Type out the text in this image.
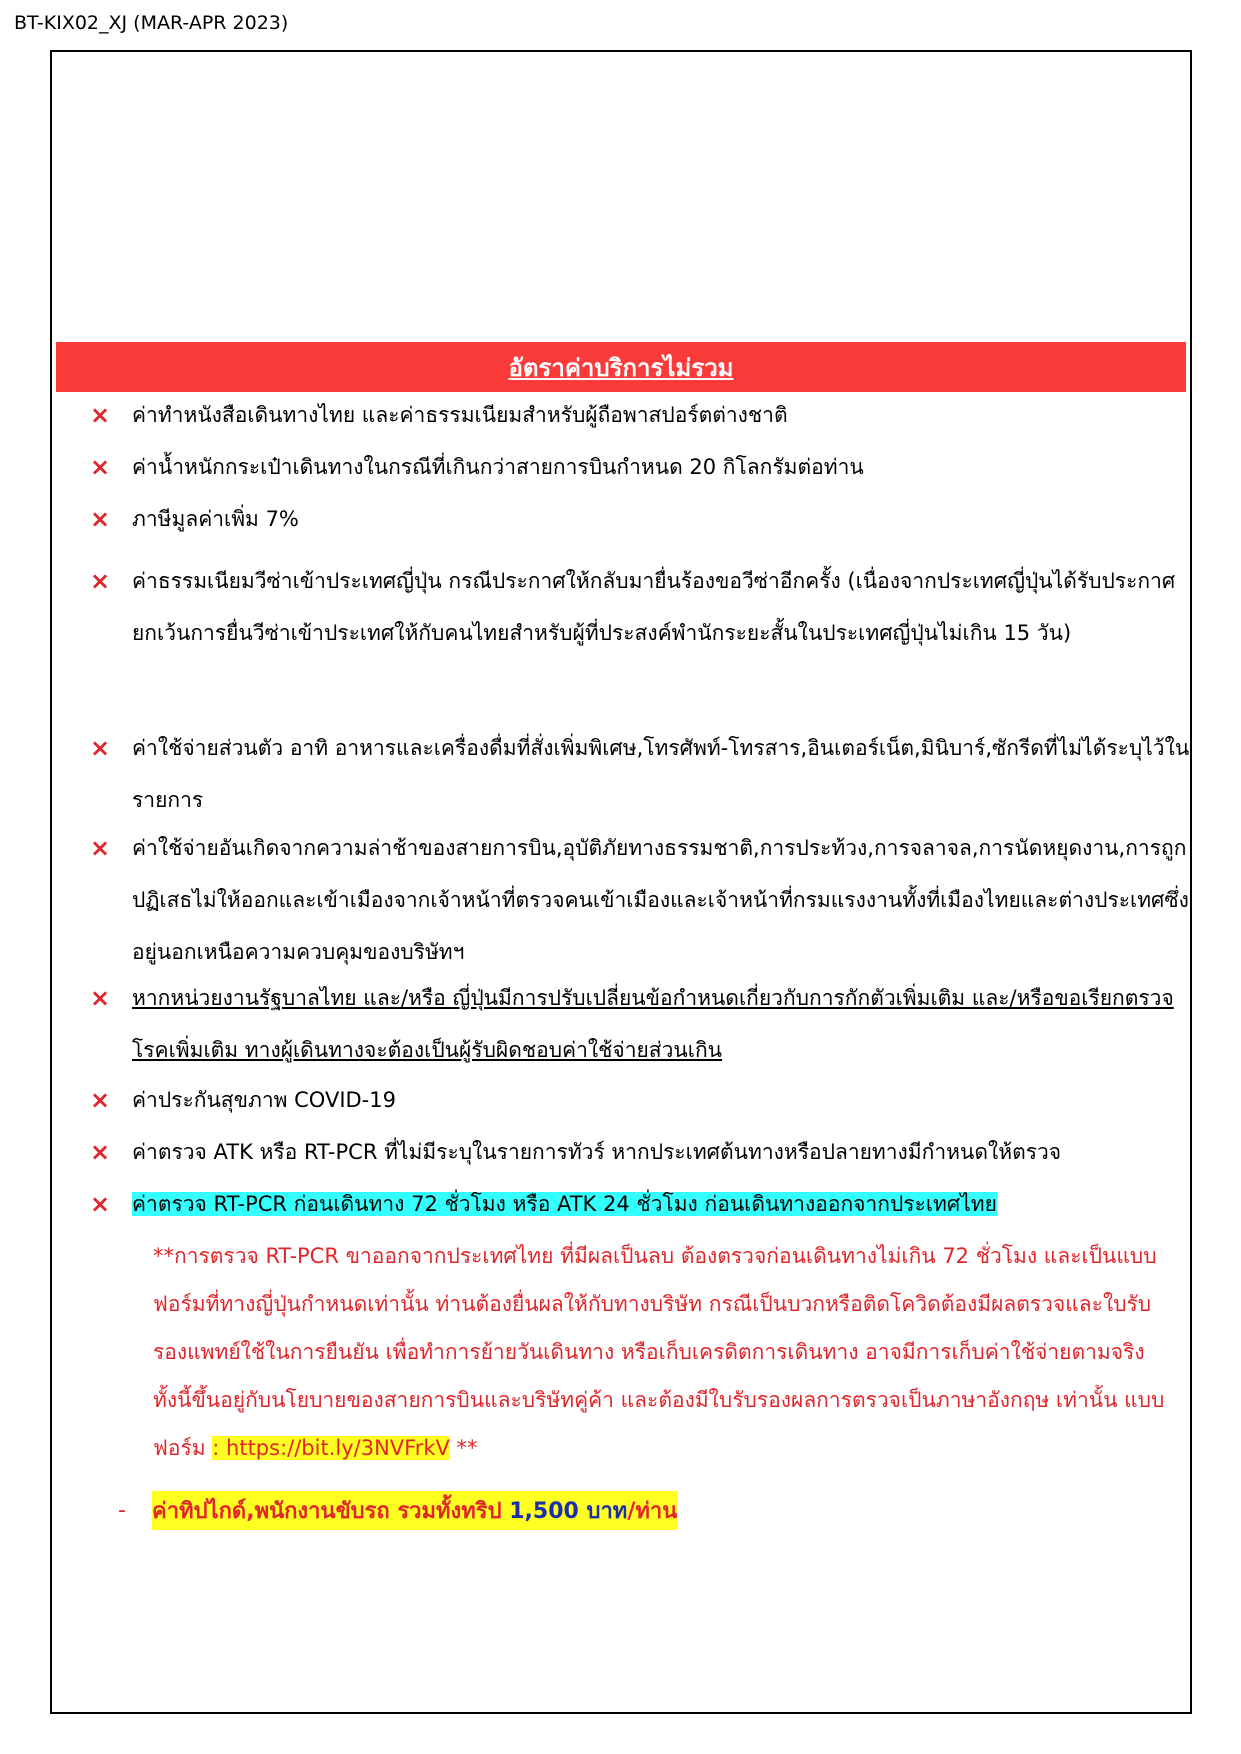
BT-KIX02_XJ (MAR-APR 2023)
อัตราค่าบริการไม่รวม
×	ค่าทำหนังสือเดินทางไทย และค่าธรรมเนียมสำหรับผู้ถือพาสปอร์ตต่างชาติ
×	ค่าน้ำหนักกระเป๋าเดินทางในกรณีที่เกินกว่าสายการบินกำหนด 20 กิโลกรัมต่อท่าน
×	ภาษีมูลค่าเพิ่ม 7%
×	ค่าธรรมเนียมวีซ่าเข้าประเทศญี่ปุ่น กรณีประกาศให้กลับมายื่นร้องขอวีซ่าอีกครั้ง (เนื่องจากประเทศญี่ปุ่นได้รับประกาศยกเว้นการยื่นวีซ่าเข้าประเทศให้กับคนไทยสำหรับผู้ที่ประสงค์พำนักระยะสั้นในประเทศญี่ปุ่นไม่เกิน 15 วัน)
×	ค่าใช้จ่ายส่วนตัว อาทิ อาหารและเครื่องดื่มที่สั่งเพิ่มพิเศษ,โทรศัพท์-โทรสาร,อินเตอร์เน็ต,มินิบาร์,ซักรีดที่ไม่ได้ระบุไว้ในรายการ
×	ค่าใช้จ่ายอันเกิดจากความล่าช้าของสายการบิน,อุบัติภัยทางธรรมชาติ,การประท้วง,การจลาจล,การนัดหยุดงาน,การถูกปฏิเสธไม่ให้ออกและเข้าเมืองจากเจ้าหน้าที่ตรวจคนเข้าเมืองและเจ้าหน้าที่กรมแรงงานทั้งที่เมืองไทยและต่างประเทศซึ่งอยู่นอกเหนือความควบคุมของบริษัทฯ
×	หากหน่วยงานรัฐบาลไทย และ/หรือ ญี่ปุ่นมีการปรับเปลี่ยนข้อกำหนดเกี่ยวกับการกักตัวเพิ่มเติม และ/หรือขอเรียกตรวจโรคเพิ่มเติม ทางผู้เดินทางจะต้องเป็นผู้รับผิดชอบค่าใช้จ่ายส่วนเกิน
×	ค่าประกันสุขภาพ COVID-19
×	ค่าตรวจ ATK หรือ RT-PCR ที่ไม่มีระบุในรายการทัวร์ หากประเทศต้นทางหรือปลายทางมีกำหนดให้ตรวจ
×	ค่าตรวจ RT-PCR ก่อนเดินทาง 72 ชั่วโมง หรือ ATK 24 ชั่วโมง ก่อนเดินทางออกจากประเทศไทย
**การตรวจ RT-PCR ขาออกจากประเทศไทย ที่มีผลเป็นลบ ต้องตรวจก่อนเดินทางไม่เกิน 72 ชั่วโมง และเป็นแบบฟอร์มที่ทางญี่ปุ่นกำหนดเท่านั้น ท่านต้องยื่นผลให้กับทางบริษัท กรณีเป็นบวกหรือติดโควิดต้องมีผลตรวจและใบรับรองแพทย์ใช้ในการยืนยัน เพื่อทำการย้ายวันเดินทาง หรือเก็บเครดิตการเดินทาง อาจมีการเก็บค่าใช้จ่ายตามจริง ทั้งนี้ขึ้นอยู่กับนโยบายของสายการบินและบริษัทคู่ค้า และต้องมีใบรับรองผลการตรวจเป็นภาษาอังกฤษ เท่านั้น แบบฟอร์ม : https://bit.ly/3NVFrkV **
-	ค่าทิปไกด์,พนักงานขับรถ รวมทั้งทริป 1,500 บาท/ท่าน
